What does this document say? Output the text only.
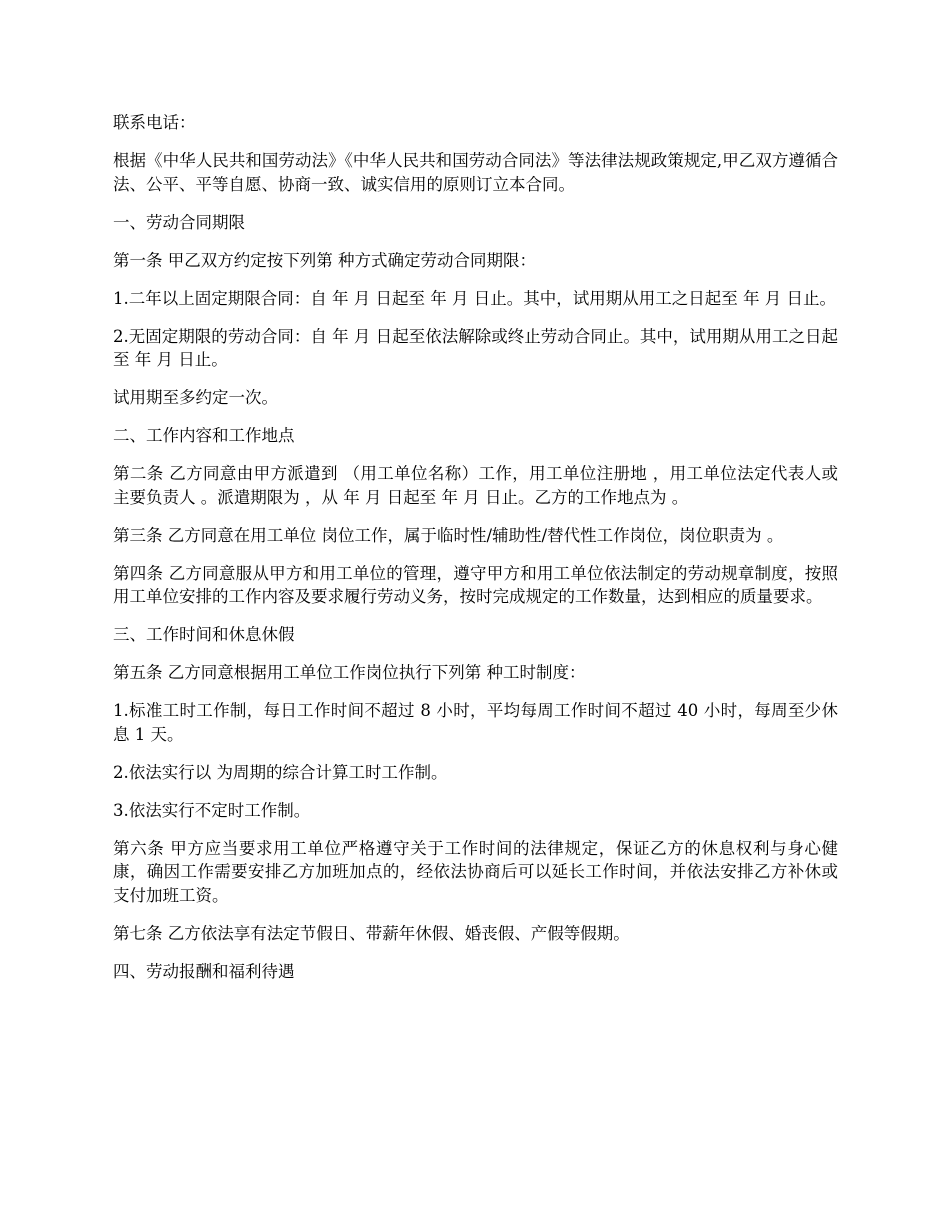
联系电话：

根据《中华人民共和国劳动法》《中华人民共和国劳动合同法》等法律法规政策规定,甲乙双方遵循合法、公平、平等自愿、协商一致、诚实信用的原则订立本合同。

一、劳动合同期限

第一条 甲乙双方约定按下列第 种方式确定劳动合同期限：

1.二年以上固定期限合同：自 年 月 日起至 年 月 日止。其中，试用期从用工之日起至 年 月 日止。

2.无固定期限的劳动合同：自 年 月 日起至依法解除或终止劳动合同止。其中，试用期从用工之日起至 年 月 日止。

试用期至多约定一次。

二、工作内容和工作地点

第二条 乙方同意由甲方派遣到 （用工单位名称）工作，用工单位注册地 ，用工单位法定代表人或主要负责人 。派遣期限为 ，从 年 月 日起至 年 月 日止。乙方的工作地点为 。

第三条 乙方同意在用工单位 岗位工作，属于临时性/辅助性/替代性工作岗位，岗位职责为 。

第四条 乙方同意服从甲方和用工单位的管理，遵守甲方和用工单位依法制定的劳动规章制度，按照用工单位安排的工作内容及要求履行劳动义务，按时完成规定的工作数量，达到相应的质量要求。

三、工作时间和休息休假

第五条 乙方同意根据用工单位工作岗位执行下列第 种工时制度：

1.标准工时工作制，每日工作时间不超过 8 小时，平均每周工作时间不超过 40 小时，每周至少休息 1 天。

2.依法实行以 为周期的综合计算工时工作制。

3.依法实行不定时工作制。

第六条 甲方应当要求用工单位严格遵守关于工作时间的法律规定，保证乙方的休息权利与身心健康，确因工作需要安排乙方加班加点的，经依法协商后可以延长工作时间，并依法安排乙方补休或支付加班工资。

第七条 乙方依法享有法定节假日、带薪年休假、婚丧假、产假等假期。

四、劳动报酬和福利待遇
